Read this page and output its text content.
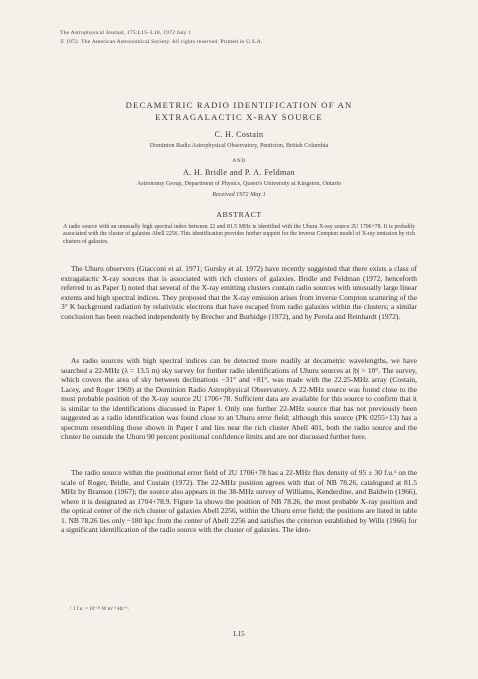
The Astrophysical Journal, 175:L15–L18, 1972 July 1
© 1972. The American Astronomical Society. All rights reserved. Printed in U.S.A.
DECAMETRIC RADIO IDENTIFICATION OF AN
EXTRAGALACTIC X-RAY SOURCE
C. H. Costain
Dominion Radio Astrophysical Observatory, Penticton, British Columbia
AND
A. H. Bridle and P. A. Feldman
Astronomy Group, Department of Physics, Queen's University at Kingston, Ontario
Received 1972 May 1
ABSTRACT
A radio source with an unusually high spectral index between 22 and 81.5 MHz is identified with the Uhuru X-ray source 2U 1706+78. It is probably associated with the cluster of galaxies Abell 2256. This identification provides further support for the inverse Compton model of X-ray emission by rich clusters of galaxies.

The Uhuru observers (Giacconi et al. 1971; Gursky et al. 1972) have recently suggested that there exists a class of extragalactic X-ray sources that is associated with rich clusters of galaxies. Bridle and Feldman (1972, henceforth referred to as Paper I) noted that several of the X-ray emitting clusters contain radio sources with unusually large linear extents and high spectral indices. They proposed that the X-ray emission arises from inverse Compton scattering of the 3° K background radiation by relativistic electrons that have escaped from radio galaxies within the clusters; a similar conclusion has been reached independently by Brecher and Burbidge (1972), and by Perola and Reinhardt (1972).

As radio sources with high spectral indices can be detected more readily at decametric wavelengths, we have searched a 22-MHz (λ = 13.5 m) sky survey for further radio identifications of Uhuru sources at |b| > 10°. The survey, which covers the area of sky between declinations −31° and +81°, was made with the 22.25-MHz array (Costain, Lacey, and Roger 1969) at the Dominion Radio Astrophysical Observatory. A 22-MHz source was found close to the most probable position of the X-ray source 2U 1706+78. Sufficient data are available for this source to confirm that it is similar to the identifications discussed in Paper I. Only one further 22-MHz source that has not previously been suggested as a radio identification was found close to an Uhuru error field; although this source (PK 0255+13) has a spectrum resembling those shown in Paper I and lies near the rich cluster Abell 401, both the radio source and the cluster lie outside the Uhuru 90 percent positional confidence limits and are not discussed further here.

The radio source within the positional error field of 2U 1706+78 has a 22-MHz flux density of 95 ± 30 f.u.¹ on the scale of Roger, Bridle, and Costain (1972). The 22-MHz position agrees with that of NB 78.26, catalogued at 81.5 MHz by Branson (1967); the source also appears in the 38-MHz survey of Williams, Kenderdine, and Baldwin (1966), where it is designated as 1704+78.9. Figure 1a shows the position of NB 78.26, the most probable X-ray position and the optical center of the rich cluster of galaxies Abell 2256, within the Uhuru error field; the positions are listed in table 1. NB 78.26 lies only ~180 kpc from the center of Abell 2256 and satisfies the criterion established by Wills (1966) for a significant identification of the radio source with the cluster of galaxies. The iden-

¹ 1 f.u. = 10⁻²⁶ W m⁻² Hz⁻¹.
L15
